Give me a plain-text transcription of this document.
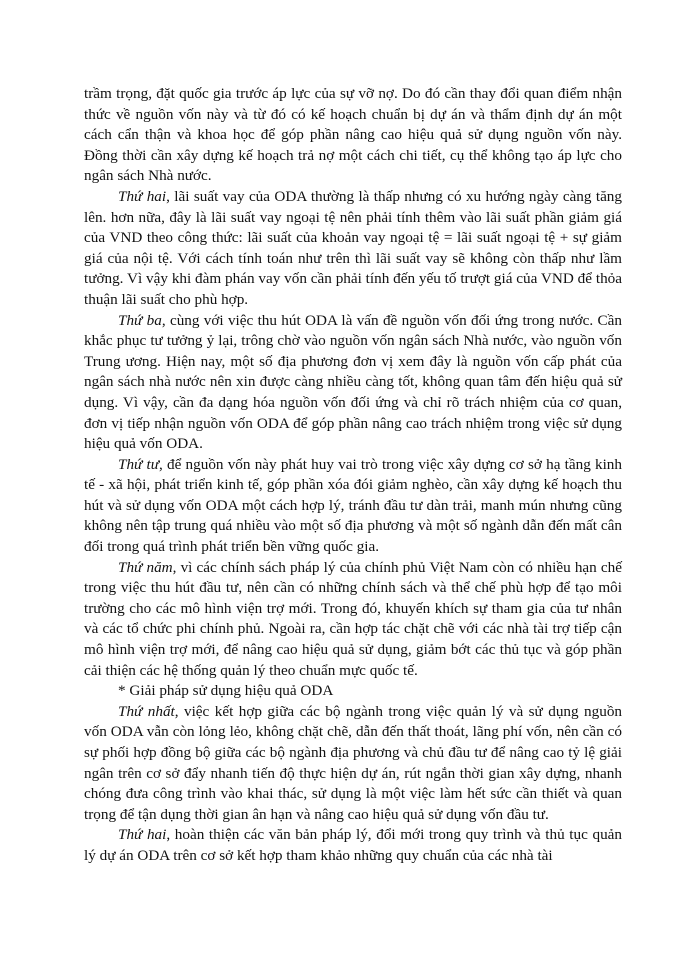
trầm trọng, đặt quốc gia trước áp lực của sự vỡ nợ. Do đó cần thay đổi quan điểm nhận thức về nguồn vốn này và từ đó có kế hoạch chuẩn bị dự án và thẩm định dự án một cách cẩn thận và khoa học để góp phần nâng cao hiệu quả sử dụng nguồn vốn này. Đồng thời cần xây dựng kế hoạch trả nợ một cách chi tiết, cụ thể không tạo áp lực cho ngân sách Nhà nước.

Thứ hai, lãi suất vay của ODA thường là thấp nhưng có xu hướng ngày càng tăng lên. hơn nữa, đây là lãi suất vay ngoại tệ nên phải tính thêm vào lãi suất phần giảm giá của VND theo công thức: lãi suất của khoản vay ngoại tệ = lãi suất ngoại tệ + sự giảm giá của nội tệ. Với cách tính toán như trên thì lãi suất vay sẽ không còn thấp như lầm tưởng. Vì vậy khi đàm phán vay vốn cần phải tính đến yếu tố trượt giá của VND để thỏa thuận lãi suất cho phù hợp.

Thứ ba, cùng với việc thu hút ODA là vấn đề nguồn vốn đối ứng trong nước. Cần khắc phục tư tưởng ỷ lại, trông chờ vào nguồn vốn ngân sách Nhà nước, vào nguồn vốn Trung ương. Hiện nay, một số địa phương đơn vị xem đây là nguồn vốn cấp phát của ngân sách nhà nước nên xin được càng nhiều càng tốt, không quan tâm đến hiệu quả sử dụng. Vì vậy, cần đa dạng hóa nguồn vốn đối ứng và chỉ rõ trách nhiệm của cơ quan, đơn vị tiếp nhận nguồn vốn ODA để góp phần nâng cao trách nhiệm trong việc sử dụng hiệu quả vốn ODA.

Thứ tư, để nguồn vốn này phát huy vai trò trong việc xây dựng cơ sở hạ tầng kinh tế - xã hội, phát triển kinh tế, góp phần xóa đói giảm nghèo, cần xây dựng kế hoạch thu hút và sử dụng vốn ODA một cách hợp lý, tránh đầu tư dàn trải, manh mún nhưng cũng không nên tập trung quá nhiều vào một số địa phương và một số ngành dẫn đến mất cân đối trong quá trình phát triển bền vững quốc gia.

Thứ năm, vì các chính sách pháp lý của chính phủ Việt Nam còn có nhiều hạn chế trong việc thu hút đầu tư, nên cần có những chính sách và thể chế phù hợp để tạo môi trường cho các mô hình viện trợ mới. Trong đó, khuyến khích sự tham gia của tư nhân và các tổ chức phi chính phủ. Ngoài ra, cần hợp tác chặt chẽ với các nhà tài trợ tiếp cận mô hình viện trợ mới, để nâng cao hiệu quả sử dụng, giảm bớt các thủ tục và góp phần cải thiện các hệ thống quản lý theo chuẩn mực quốc tế.

* Giải pháp sử dụng hiệu quả ODA

Thứ nhất, việc kết hợp giữa các bộ ngành trong việc quản lý và sử dụng nguồn vốn ODA vẫn còn lỏng lẻo, không chặt chẽ, dẫn đến thất thoát, lãng phí vốn, nên cần có sự phối hợp đồng bộ giữa các bộ ngành địa phương và chủ đầu tư để nâng cao tỷ lệ giải ngân trên cơ sở đẩy nhanh tiến độ thực hiện dự án, rút ngắn thời gian xây dựng, nhanh chóng đưa công trình vào khai thác, sử dụng là một việc làm hết sức cần thiết và quan trọng để tận dụng thời gian ân hạn và nâng cao hiệu quả sử dụng vốn đầu tư.

Thứ hai, hoàn thiện các văn bản pháp lý, đổi mới trong quy trình và thủ tục quản lý dự án ODA trên cơ sở kết hợp tham khảo những quy chuẩn của các nhà tài
